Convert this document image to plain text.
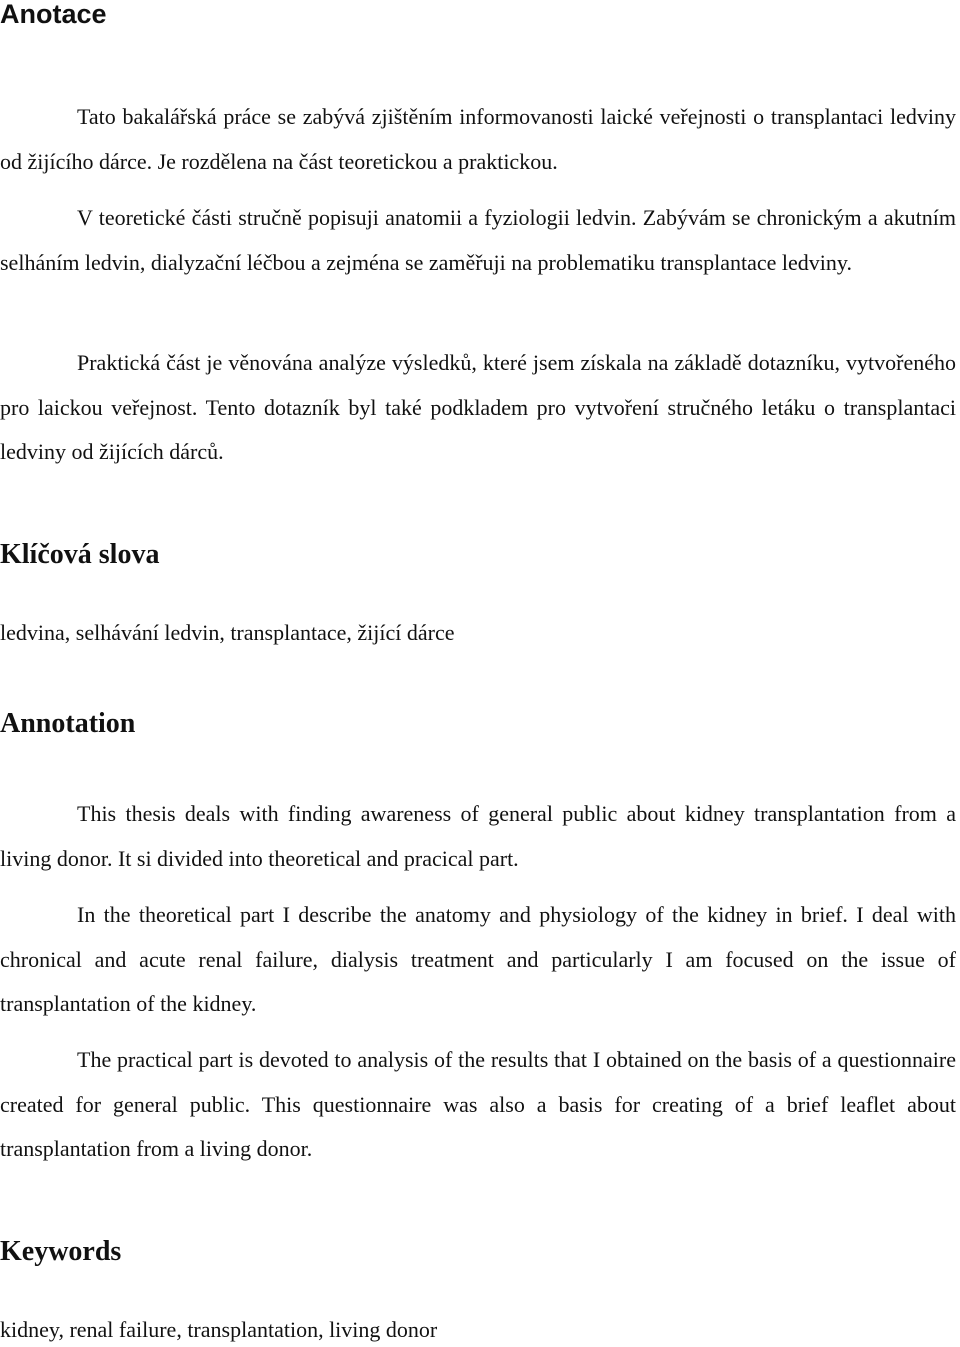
Anotace

Tato bakalářská práce se zabývá zjištěním informovanosti laické veřejnosti o transplantaci ledviny od žijícího dárce. Je rozdělena na část teoretickou a praktickou.

V teoretické části stručně popisuji anatomii a fyziologii ledvin. Zabývám se chronickým a akutním selháním ledvin, dialyzační léčbou a zejména se zaměřuji na problematiku transplantace ledviny.

Praktická část je věnována analýze výsledků, které jsem získala na základě dotazníku, vytvořeného pro laickou veřejnost. Tento dotazník byl také podkladem pro vytvoření stručného letáku o transplantaci ledviny od žijících dárců.

Klíčová slova
ledvina, selhávání ledvin, transplantace, žijící dárce
Annotation

This thesis deals with finding awareness of general public about kidney transplantation from a living donor. It si divided into theoretical and pracical part.

In the theoretical part I describe the anatomy and physiology of the kidney in brief. I deal with chronical and acute renal failure, dialysis treatment and particularly I am focused on the issue of transplantation of the kidney.

The practical part is devoted to analysis of the results that I obtained on the basis of a questionnaire created for general public. This questionnaire was also a basis for creating of a brief leaflet about transplantation from a living donor.

Keywords
kidney, renal failure, transplantation, living donor
